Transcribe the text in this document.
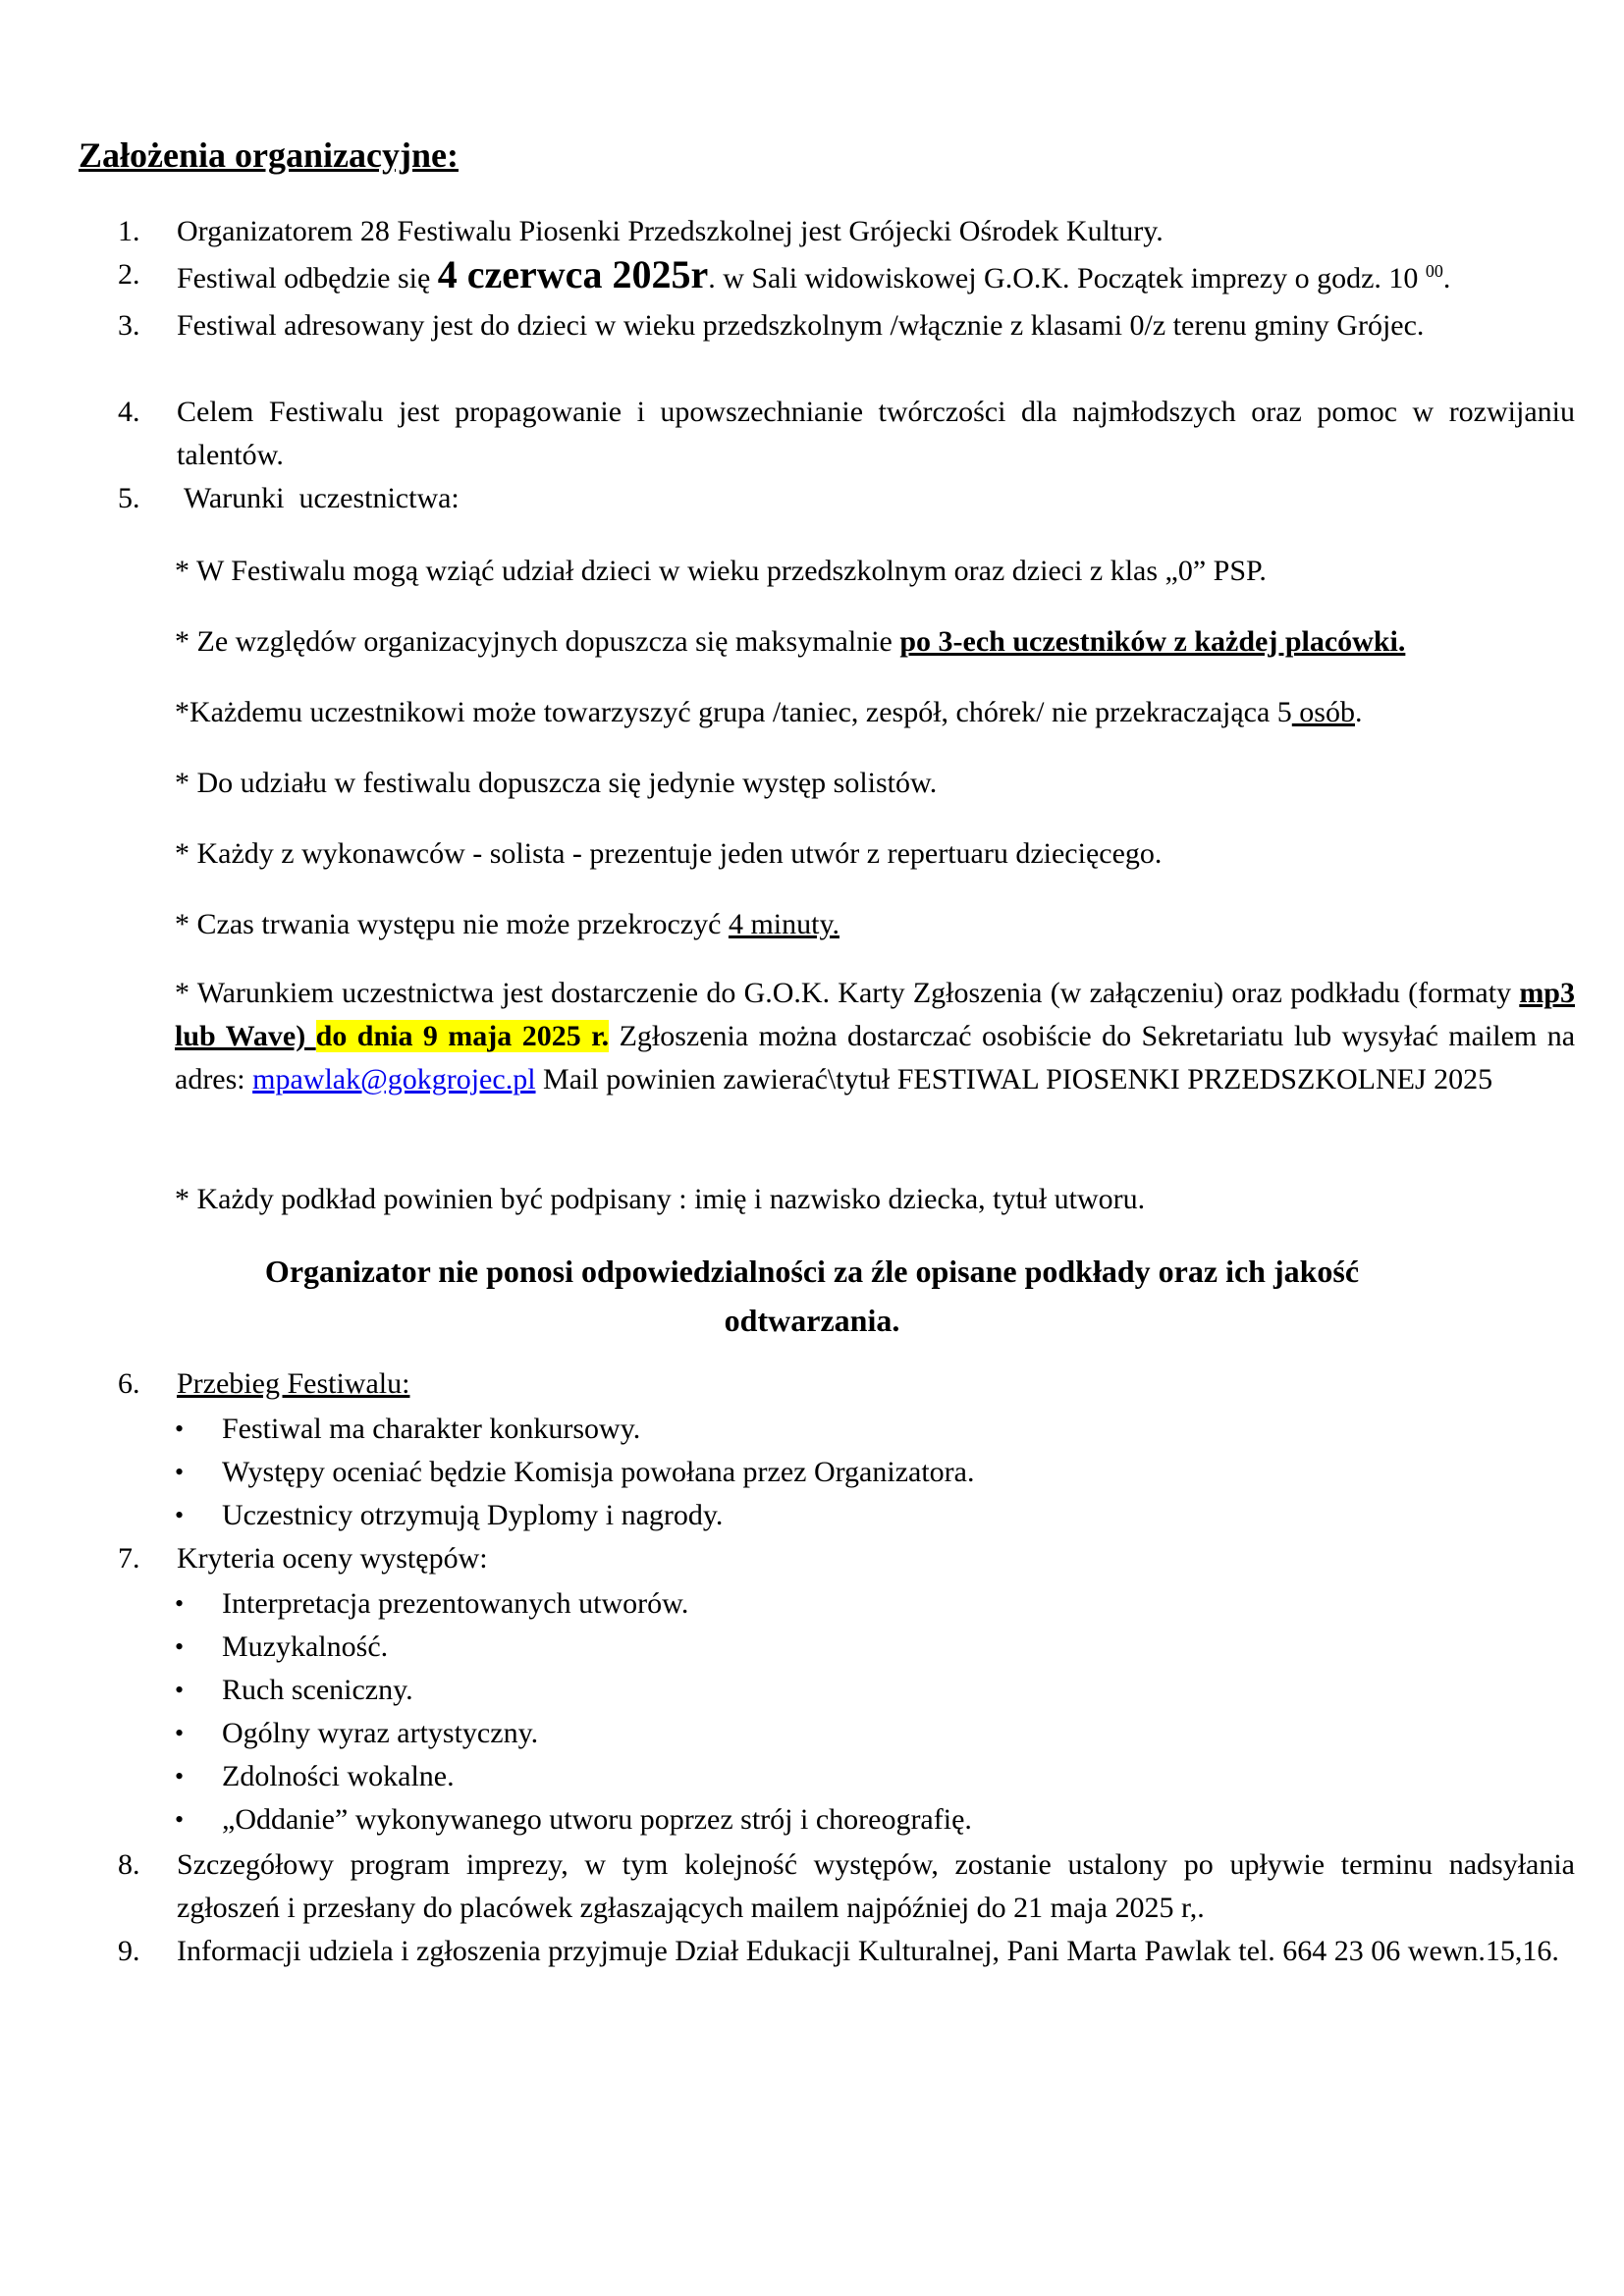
Założenia organizacyjne:
1.	Organizatorem 28 Festiwalu Piosenki Przedszkolnej jest Grójecki Ośrodek Kultury.
2.	Festiwal odbędzie się 4 czerwca 2025r. w Sali widowiskowej G.O.K. Początek imprezy o godz. 10 $^{00}$.
3.	Festiwal adresowany jest do dzieci w wieku przedszkolnym /włącznie z klasami 0/z terenu gminy Grójec.
4.	Celem Festiwalu jest propagowanie i upowszechnianie twórczości dla najmłodszych oraz pomoc w rozwijaniu talentów.
5.	Warunki  uczestnictwa:
* W Festiwalu mogą wziąć udział dzieci w wieku przedszkolnym oraz dzieci z klas „0” PSP.
* Ze względów organizacyjnych dopuszcza się maksymalnie po 3-ech uczestników z każdej placówki.
*Każdemu uczestnikowi może towarzyszyć grupa /taniec, zespół, chórek/ nie przekraczająca 5 osób.
* Do udziału w festiwalu dopuszcza się jedynie występ solistów.
* Każdy z wykonawców - solista - prezentuje jeden utwór z repertuaru dziecięcego.
* Czas trwania występu nie może przekroczyć 4 minuty.
* Warunkiem uczestnictwa jest dostarczenie do G.O.K. Karty Zgłoszenia (w załączeniu) oraz podkładu (formaty mp3 lub Wave) do dnia 9 maja 2025 r. Zgłoszenia można dostarczać osobiście do Sekretariatu lub wysyłać mailem na adres: mpawlak@gokgrojec.pl Mail powinien zawierać\tytuł FESTIWAL PIOSENKI PRZEDSZKOLNEJ 2025
* Każdy podkład powinien być podpisany : imię i nazwisko dziecka, tytuł utworu.
Organizator nie ponosi odpowiedzialności za źle opisane podkłady oraz ich jakość odtwarzania.
6.	Przebieg Festiwalu:
• Festiwal ma charakter konkursowy.
• Występy oceniać będzie Komisja powołana przez Organizatora.
• Uczestnicy otrzymują Dyplomy i nagrody.
7.	Kryteria oceny występów:
• Interpretacja prezentowanych utworów.
• Muzykalność.
• Ruch sceniczny.
• Ogólny wyraz artystyczny.
• Zdolności wokalne.
• „Oddanie” wykonywanego utworu poprzez strój i choreografię.
8.	Szczegółowy program imprezy, w tym kolejność występów, zostanie ustalony po upływie terminu nadsyłania zgłoszeń i przesłany do placówek zgłaszających mailem najpóźniej do 21 maja 2025 r,.
9.	Informacji udziela i zgłoszenia przyjmuje Dział Edukacji Kulturalnej, Pani Marta Pawlak tel. 664 23 06 wewn.15,16.
